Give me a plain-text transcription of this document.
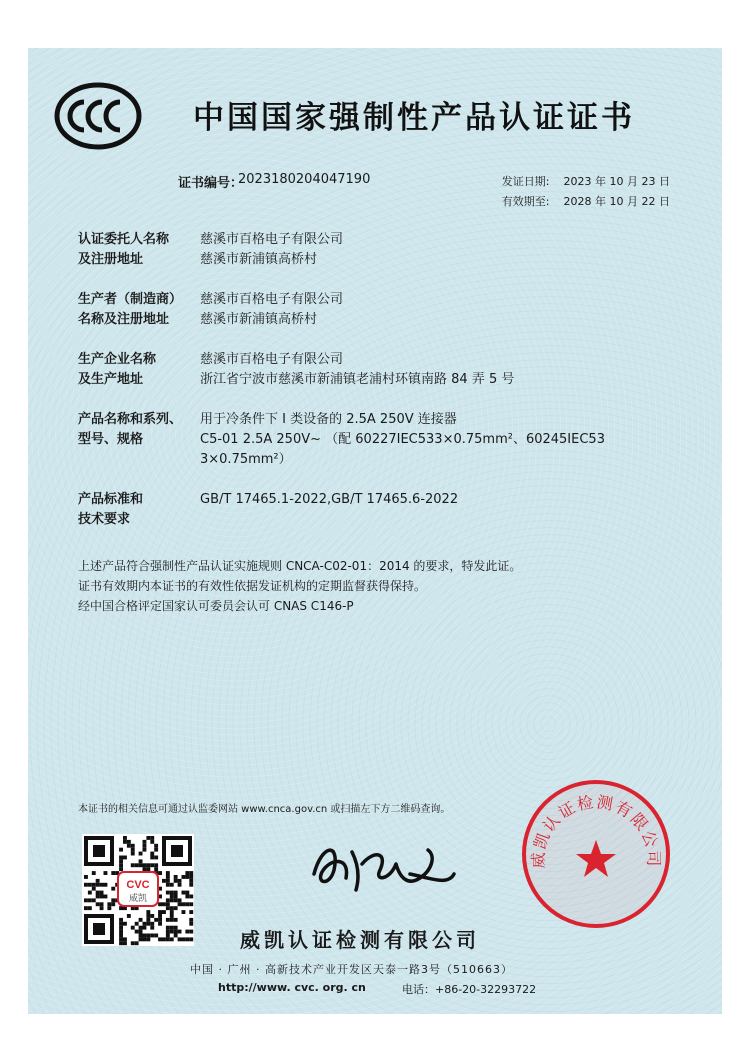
中国国家强制性产品认证证书
证书编号：
2023180204047190	发证日期: 2023 年 10 月 23 日
有效期至: 2028 年 10 月 22 日
认证委托人名称
及注册地址
慈溪市百格电子有限公司
慈溪市新浦镇高桥村
生产者（制造商）
名称及注册地址
慈溪市百格电子有限公司
慈溪市新浦镇高桥村
生产企业名称
及生产地址
慈溪市百格电子有限公司
浙江省宁波市慈溪市新浦镇老浦村环镇南路 84 弄 5 号
产品名称和系列、
型号、规格
用于冷条件下 I 类设备的 2.5A 250V 连接器
C5-01 2.5A 250V~ （配 60227IEC533×0.75mm²、60245IEC53
3×0.75mm²）
产品标准和
技术要求
GB/T 17465.1-2022,GB/T 17465.6-2022
上述产品符合强制性产品认证实施规则 CNCA-C02-01：2014 的要求，特发此证。
证书有效期内本证书的有效性依据发证机构的定期监督获得保持。
经中国合格评定国家认可委员会认可 CNAS C146-P
本证书的相关信息可通过认监委网站 www.cnca.gov.cn 或扫描左下方二维码查询。
CVC
威凯
威凯认证检测有限公司
中国 · 广州 · 高新技术产业开发区天泰一路3号（510663）
http://www. cvc. org. cn	电话：+86-20-32293722
威凯认证检测有限公司
